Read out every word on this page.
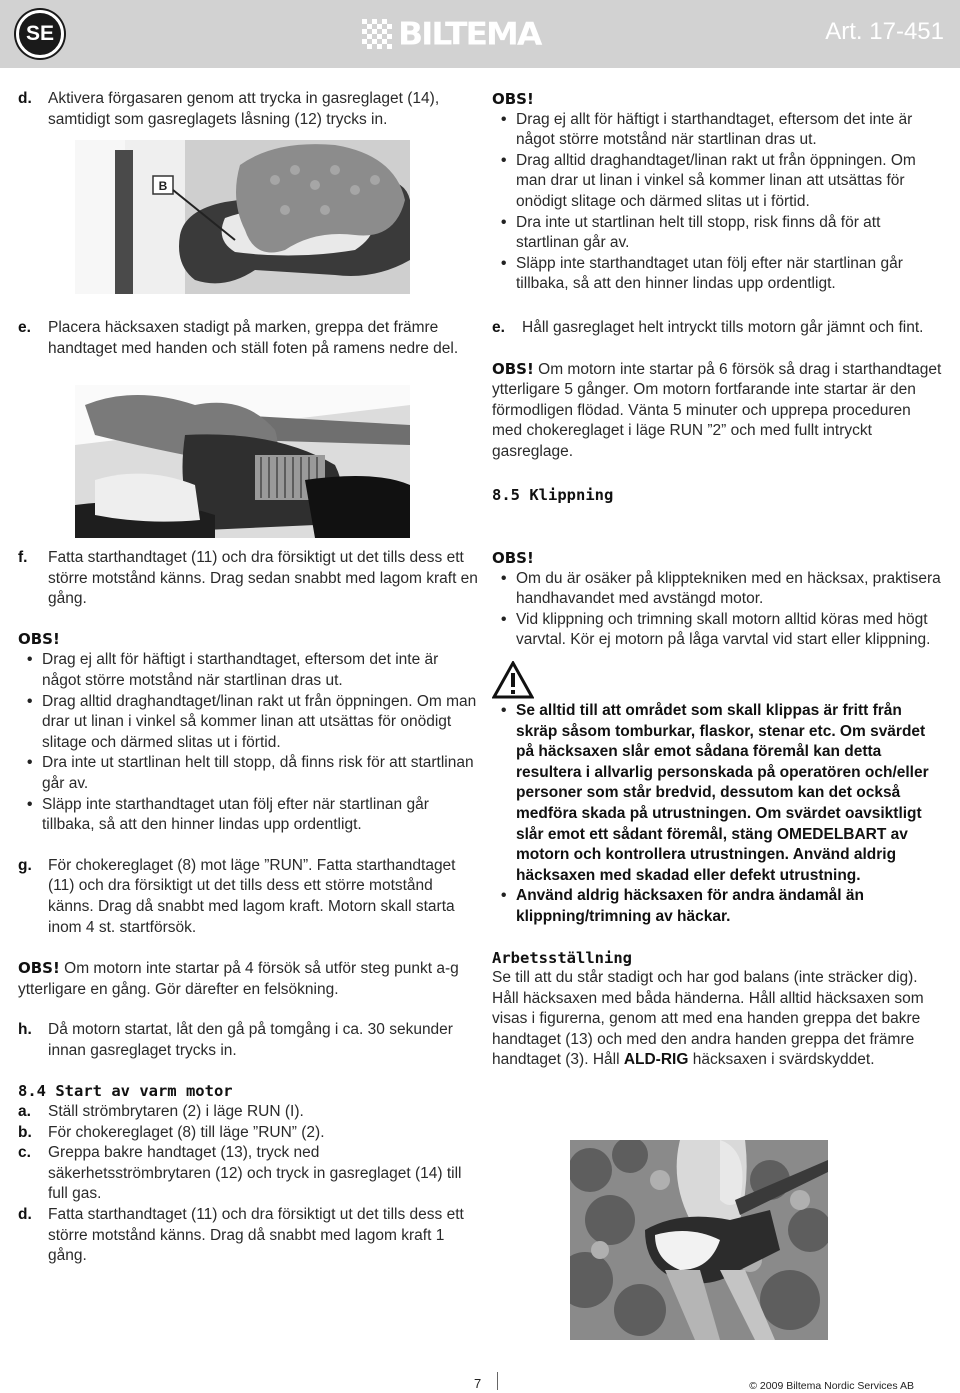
SE	BILTEMA	Art. 17-451
d. Aktivera förgasaren genom att trycka in gasreglaget (14), samtidigt som gasreglagets låsning (12) trycks in.
B
e. Placera häcksaxen stadigt på marken, greppa det främre handtaget med handen och ställ foten på ramens nedre del.
f. Fatta starthandtaget (11) och dra försiktigt ut det tills dess ett större motstånd känns. Drag sedan snabbt med lagom kraft en gång.
OBS!
• Drag ej allt för häftigt i starthandtaget, eftersom det inte är något större motstånd när startlinan dras ut.
• Drag alltid draghandtaget/linan rakt ut från öppningen. Om man drar ut linan i vinkel så kommer linan att utsättas för onödigt slitage och därmed slitas ut i förtid.
• Dra inte ut startlinan helt till stopp, då finns risk för att startlinan går av.
• Släpp inte starthandtaget utan följ efter när startlinan går tillbaka, så att den hinner lindas upp ordentligt.
g. För chokereglaget (8) mot läge ”RUN”. Fatta starthandtaget (11) och dra försiktigt ut det tills dess ett större motstånd känns. Drag då snabbt med lagom kraft. Motorn skall starta inom 4 st. startförsök.
OBS! Om motorn inte startar på 4 försök så utför steg punkt a-g ytterligare en gång. Gör därefter en felsökning.
h. Då motorn startat, låt den gå på tomgång i ca. 30 sekunder innan gasreglaget trycks in.
8.4 Start av varm motor
a. Ställ strömbrytaren (2) i läge RUN (I).
b. För chokereglaget (8) till läge ”RUN” (2).
c. Greppa bakre handtaget (13), tryck ned säkerhetsströmbrytaren (12) och tryck in gasreglaget (14) till full gas.
d. Fatta starthandtaget (11) och dra försiktigt ut det tills dess ett större motstånd känns. Drag då snabbt med lagom kraft 1 gång.
OBS!
• Drag ej allt för häftigt i starthandtaget, eftersom det inte är något större motstånd när startlinan dras ut.
• Drag alltid draghandtaget/linan rakt ut från öppningen. Om man drar ut linan i vinkel så kommer linan att utsättas för onödigt slitage och därmed slitas ut i förtid.
• Dra inte ut startlinan helt till stopp, risk finns då för att startlinan går av.
• Släpp inte starthandtaget utan följ efter när startlinan går tillbaka, så att den hinner lindas upp ordentligt.
e. Håll gasreglaget helt intryckt tills motorn går jämnt och fint.
OBS! Om motorn inte startar på 6 försök så drag i starthandtaget ytterligare 5 gånger. Om motorn fortfarande inte startar är den förmodligen flödad. Vänta 5 minuter och upprepa proceduren med chokereglaget i läge RUN ”2” och med fullt intryckt gasreglage.
8.5 Klippning
OBS!
• Om du är osäker på klipptekniken med en häcksax, praktisera handhavandet med avstängd motor.
• Vid klippning och trimning skall motorn alltid köras med högt varvtal. Kör ej motorn på låga varvtal vid start eller klippning.
• Se alltid till att området som skall klippas är fritt från skräp såsom tomburkar, flaskor, stenar etc. Om svärdet på häcksaxen slår emot sådana föremål kan detta resultera i allvarlig personskada på operatören och/eller personer som står bredvid, dessutom kan det också medföra skada på utrustningen. Om svärdet oavsiktligt slår emot ett sådant föremål, stäng OMEDELBART av motorn och kontrollera utrustningen. Använd aldrig häcksaxen med skadad eller defekt utrustning.
• Använd aldrig häcksaxen för andra ändamål än klippning/trimning av häckar.
Arbetsställning
Se till att du står stadigt och har god balans (inte sträcker dig). Håll häcksaxen med båda händerna. Håll alltid häcksaxen som visas i figurerna, genom att med ena handen greppa det bakre handtaget (13) och med den andra handen greppa det främre handtaget (3). Håll ALD-RIG häcksaxen i svärdskyddet.
7	© 2009 Biltema Nordic Services AB
